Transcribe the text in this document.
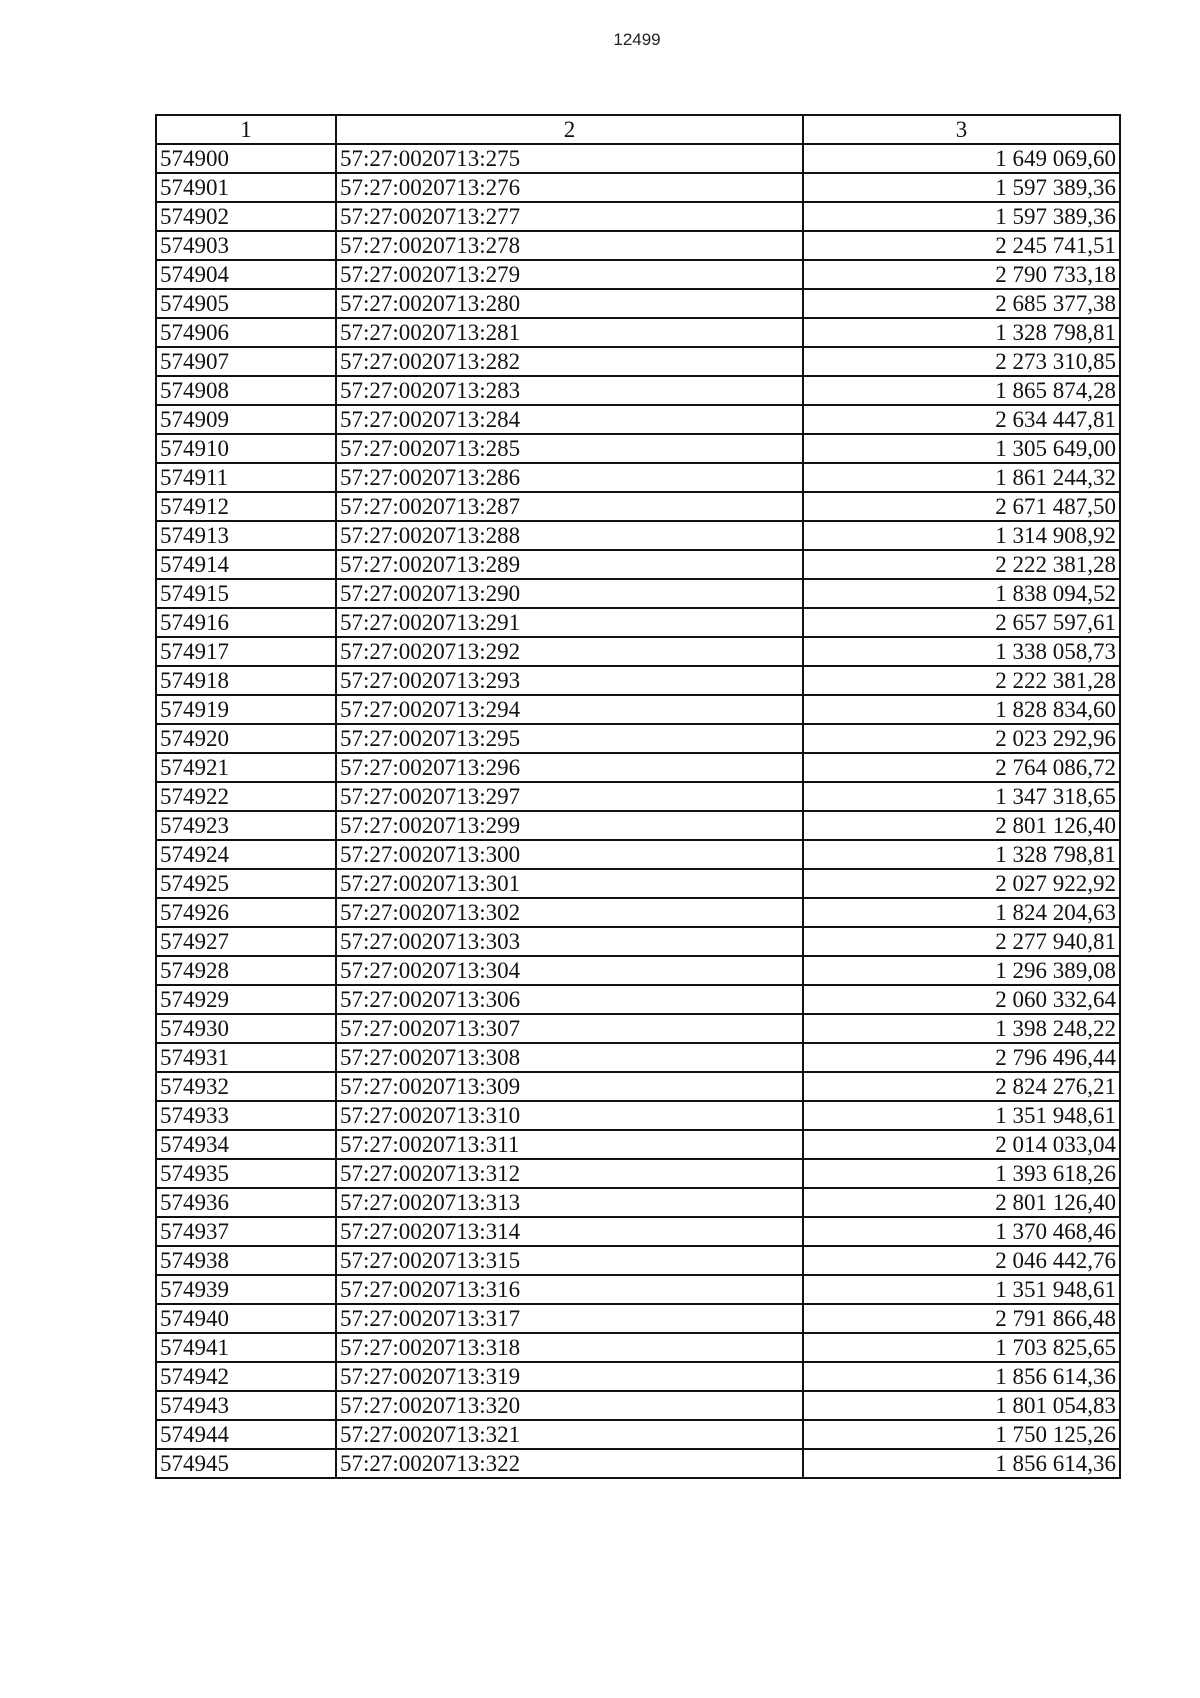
12499
1	2	3
574900	57:27:0020713:275	1 649 069,60
574901	57:27:0020713:276	1 597 389,36
574902	57:27:0020713:277	1 597 389,36
574903	57:27:0020713:278	2 245 741,51
574904	57:27:0020713:279	2 790 733,18
574905	57:27:0020713:280	2 685 377,38
574906	57:27:0020713:281	1 328 798,81
574907	57:27:0020713:282	2 273 310,85
574908	57:27:0020713:283	1 865 874,28
574909	57:27:0020713:284	2 634 447,81
574910	57:27:0020713:285	1 305 649,00
574911	57:27:0020713:286	1 861 244,32
574912	57:27:0020713:287	2 671 487,50
574913	57:27:0020713:288	1 314 908,92
574914	57:27:0020713:289	2 222 381,28
574915	57:27:0020713:290	1 838 094,52
574916	57:27:0020713:291	2 657 597,61
574917	57:27:0020713:292	1 338 058,73
574918	57:27:0020713:293	2 222 381,28
574919	57:27:0020713:294	1 828 834,60
574920	57:27:0020713:295	2 023 292,96
574921	57:27:0020713:296	2 764 086,72
574922	57:27:0020713:297	1 347 318,65
574923	57:27:0020713:299	2 801 126,40
574924	57:27:0020713:300	1 328 798,81
574925	57:27:0020713:301	2 027 922,92
574926	57:27:0020713:302	1 824 204,63
574927	57:27:0020713:303	2 277 940,81
574928	57:27:0020713:304	1 296 389,08
574929	57:27:0020713:306	2 060 332,64
574930	57:27:0020713:307	1 398 248,22
574931	57:27:0020713:308	2 796 496,44
574932	57:27:0020713:309	2 824 276,21
574933	57:27:0020713:310	1 351 948,61
574934	57:27:0020713:311	2 014 033,04
574935	57:27:0020713:312	1 393 618,26
574936	57:27:0020713:313	2 801 126,40
574937	57:27:0020713:314	1 370 468,46
574938	57:27:0020713:315	2 046 442,76
574939	57:27:0020713:316	1 351 948,61
574940	57:27:0020713:317	2 791 866,48
574941	57:27:0020713:318	1 703 825,65
574942	57:27:0020713:319	1 856 614,36
574943	57:27:0020713:320	1 801 054,83
574944	57:27:0020713:321	1 750 125,26
574945	57:27:0020713:322	1 856 614,36
